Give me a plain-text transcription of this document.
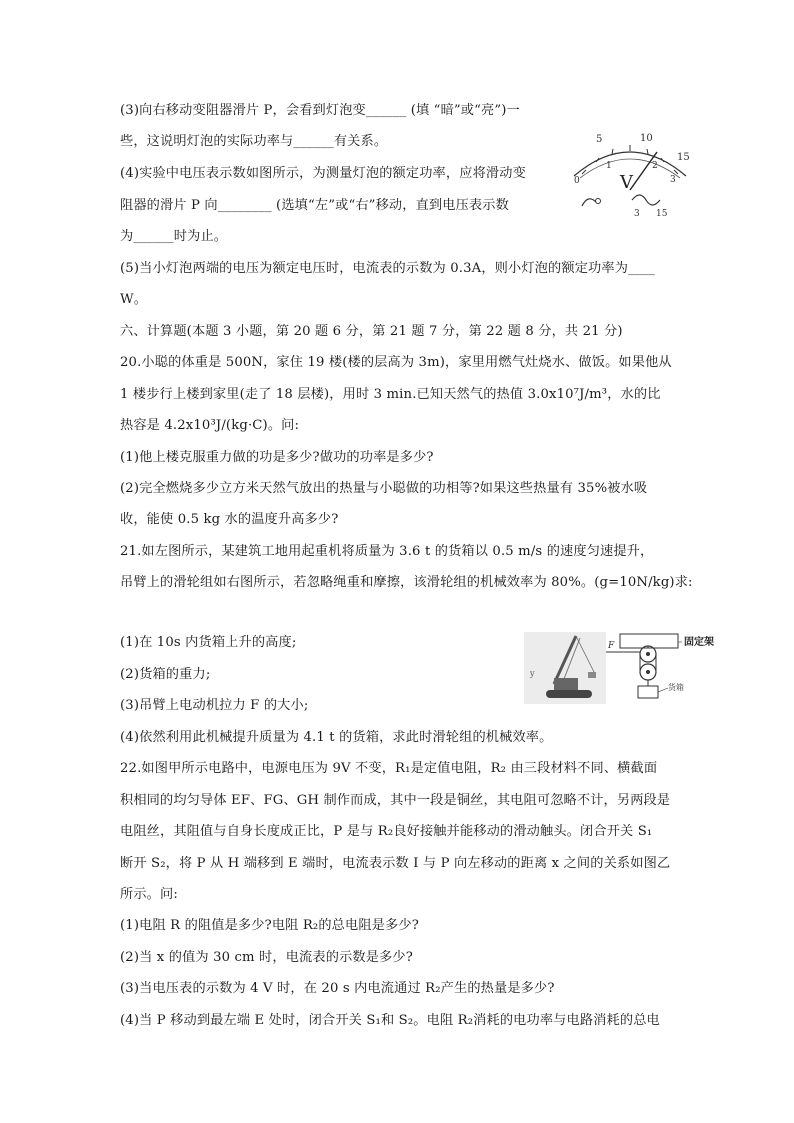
(3)向右移动变阻器滑片 P，会看到灯泡变______ (填 “暗”或“亮”)一
些，这说明灯泡的实际功率与______有关系。
(4)实验中电压表示数如图所示，为测量灯泡的额定功率，应将滑动变
阻器的滑片 P 向________ (选填“左”或“右”移动，直到电压表示数
为______时为止。
(5)当小灯泡两端的电压为额定电压时，电流表的示数为 0.3A，则小灯泡的额定功率为____
W。
六、计算题(本题 3 小题，第 20 题 6 分，第 21 题 7 分，第 22 题 8 分，共 21 分)
20.小聪的体重是 500N，家住 19 楼(楼的层高为 3m)，家里用燃气灶烧水、做饭。如果他从
1 楼步行上楼到家里(走了 18 层楼)，用时 3 min.已知天然气的热值 3.0x10⁷J/m³，水的比
热容是 4.2x10³J/(kg·C)。问:
(1)他上楼克服重力做的功是多少?做功的功率是多少?
(2)完全燃烧多少立方米天然气放出的热量与小聪做的功相等?如果这些热量有 35%被水吸
收，能使 0.5 kg 水的温度升高多少?
21.如左图所示，某建筑工地用起重机将质量为 3.6 t 的货箱以 0.5 m/s 的速度匀速提升，
吊臂上的滑轮组如右图所示，若忽略绳重和摩擦，该滑轮组的机械效率为 80%。(g=10N/kg)求:
(1)在 10s 内货箱上升的高度;
(2)货箱的重力;
(3)吊臂上电动机拉力 F 的大小;
(4)依然利用此机械提升质量为 4.1 t 的货箱，求此时滑轮组的机械效率。
22.如图甲所示电路中，电源电压为 9V 不变，R₁是定值电阻，R₂ 由三段材料不同、横截面
积相同的均匀导体 EF、FG、GH 制作而成，其中一段是铜丝，其电阻可忽略不计，另两段是
电阻丝，其阻值与自身长度成正比，P 是与 R₂良好接触并能移动的滑动触头。闭合开关 S₁
断开 S₂，将 P 从 H 端移到 E 端时，电流表示数 I 与 P 向左移动的距离 x 之间的关系如图乙
所示。问:
(1)电阻 R 的阻值是多少?电阻 R₂的总电阻是多少?
(2)当 x 的值为 30 cm 时，电流表的示数是多少?
(3)当电压表的示数为 4 V 时，在 20 s 内电流通过 R₂产生的热量是多少?
(4)当 P 移动到最左端 E 处时，闭合开关 S₁和 S₂。电阻 R₂消耗的电功率与电路消耗的总电
5	10
15
0
1	2
3
V
3 15
y
F
货箱
固定架
